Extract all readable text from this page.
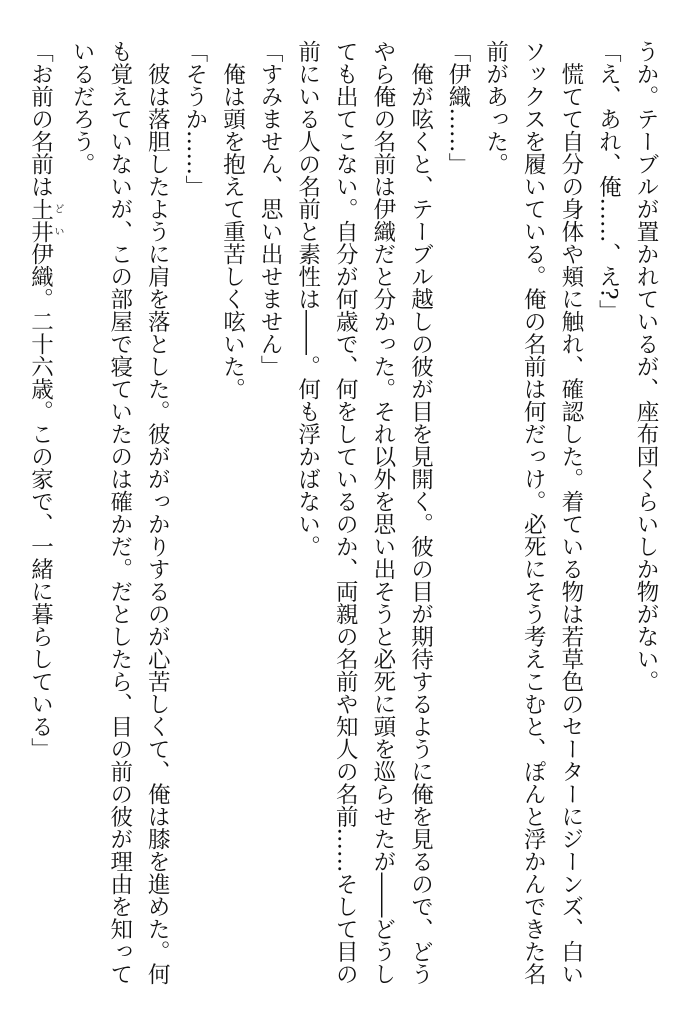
うか。テーブルが置かれているが、座布団くらいしか物がない。
「え、あれ、俺……、え?」
　慌てて自分の身体や頬に触れ、確認した。着ている物は若草色のセーターにジーンズ、白い
ソックスを履いている。俺の名前は何だっけ。必死にそう考えこむと、ぽんと浮かんできた名
前があった。
「伊織……」
　俺が呟くと、テーブル越しの彼が目を見開く。彼の目が期待するように俺を見るので、どう
やら俺の名前は伊織だと分かった。それ以外を思い出そうと必死に頭を巡らせたが――どうし
ても出てこない。自分が何歳で、何をしているのか、両親の名前や知人の名前……そして目の
前にいる人の名前と素性は――。何も浮かばない。
「すみません、思い出せません」
　俺は頭を抱えて重苦しく呟いた。
「そうか……」
　彼は落胆したように肩を落とした。彼ががっかりするのが心苦しくて、俺は膝を進めた。何
も覚えていないが、この部屋で寝ていたのは確かだ。だとしたら、目の前の彼が理由を知って
いるだろう。
「お前の名前は土井どい伊織。二十六歳。この家で、一緒に暮らしている」
